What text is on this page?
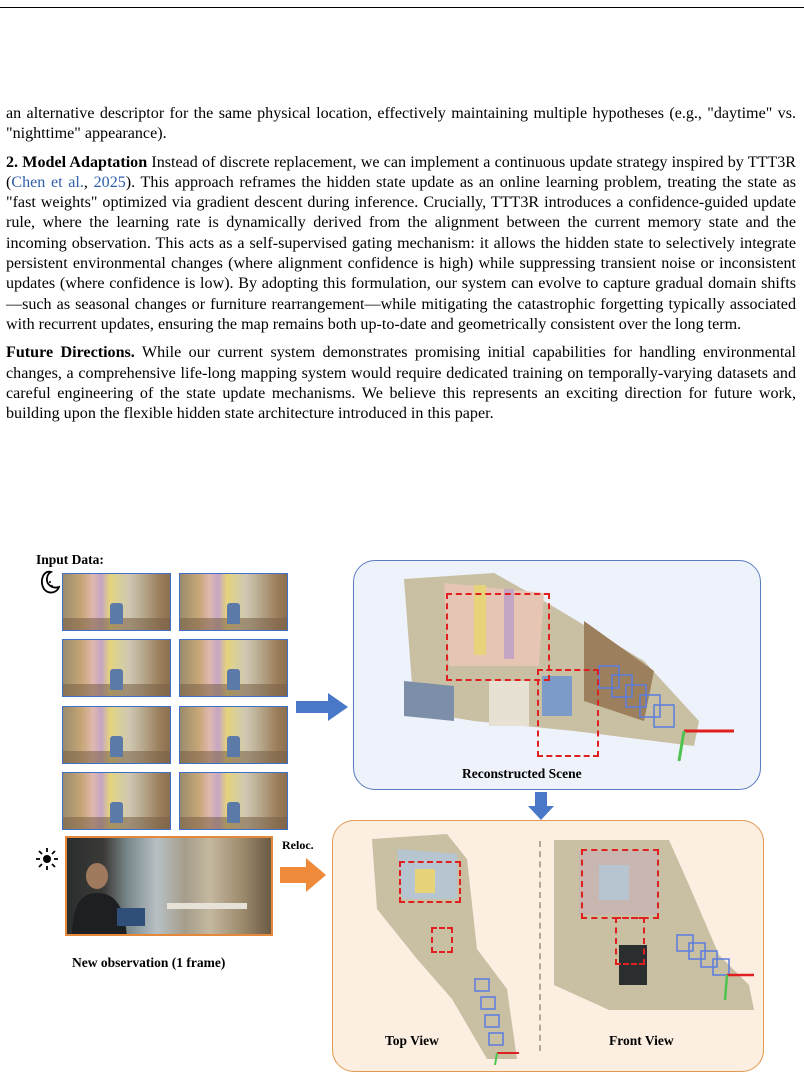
an alternative descriptor for the same physical location, effectively maintaining multiple hypotheses (e.g., "daytime" vs. "nighttime" appearance).

2. Model Adaptation Instead of discrete replacement, we can implement a continuous update strategy inspired by TTT3R (Chen et al., 2025). This approach reframes the hidden state update as an online learning problem, treating the state as "fast weights" optimized via gradient descent during inference. Crucially, TTT3R introduces a confidence-guided update rule, where the learning rate is dynamically derived from the alignment between the current memory state and the incoming observation. This acts as a self-supervised gating mechanism: it allows the hidden state to selectively integrate persistent environmental changes (where alignment confidence is high) while suppressing transient noise or inconsistent updates (where confidence is low). By adopting this formulation, our system can evolve to capture gradual domain shifts—such as seasonal changes or furniture rearrangement—while mitigating the catastrophic forgetting typically associated with recurrent updates, ensuring the map remains both up-to-date and geometrically consistent over the long term.

Future Directions. While our current system demonstrates promising initial capabilities for handling environmental changes, a comprehensive life-long mapping system would require dedicated training on temporally-varying datasets and careful engineering of the state update mechanisms. We believe this represents an exciting direction for future work, building upon the flexible hidden state architecture introduced in this paper.

Input Data:
Reconstructed Scene
Reloc.
New observation (1 frame)
Top View	Front View
